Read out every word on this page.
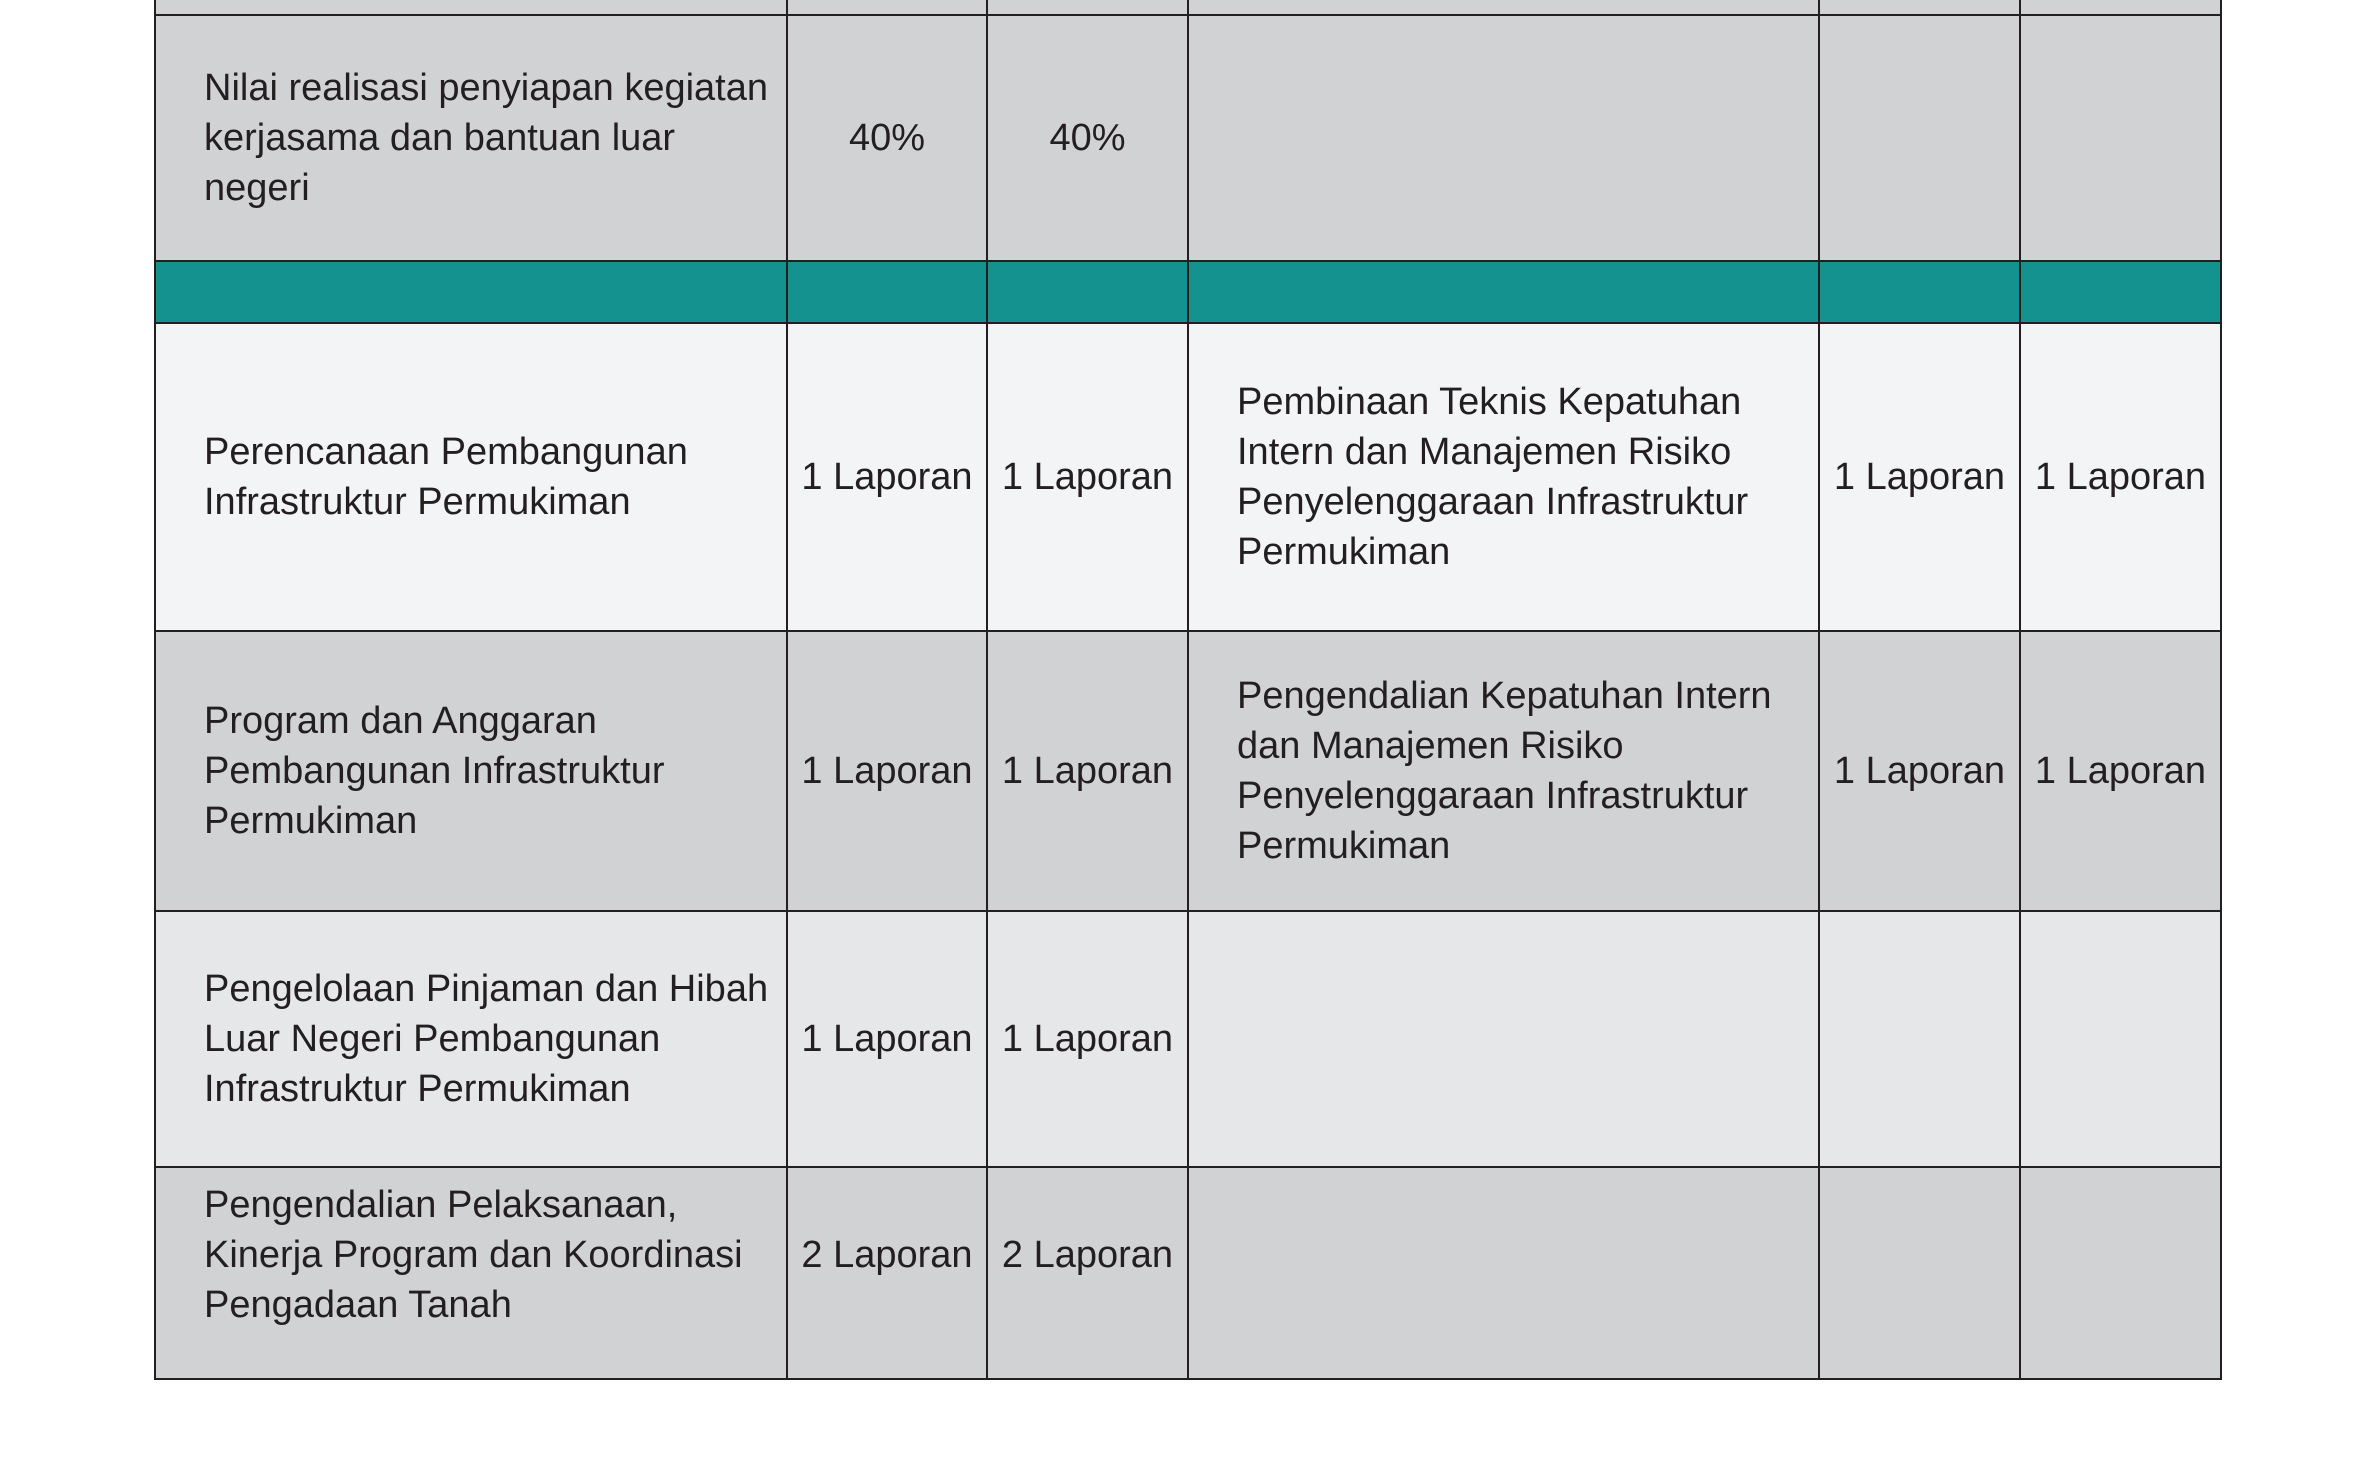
Nilai realisasi penyiapan kegiatan kerjasama dan bantuan luar negeri	40%	40%			

Perencanaan Pembangunan Infrastruktur Permukiman	1 Laporan	1 Laporan	Pembinaan Teknis Kepatuhan Intern dan Manajemen Risiko Penyelenggaraan Infrastruktur Permukiman	1 Laporan	1 Laporan

Program dan Anggaran Pembangunan Infrastruktur Permukiman	1 Laporan	1 Laporan	Pengendalian Kepatuhan Intern dan Manajemen Risiko Penyelenggaraan Infrastruktur Permukiman	1 Laporan	1 Laporan

Pengelolaan Pinjaman dan Hibah Luar Negeri Pembangunan Infrastruktur Permukiman	1 Laporan	1 Laporan			

Pengendalian Pelaksanaan, Kinerja Program dan Koordinasi Pengadaan Tanah	2 Laporan	2 Laporan			
